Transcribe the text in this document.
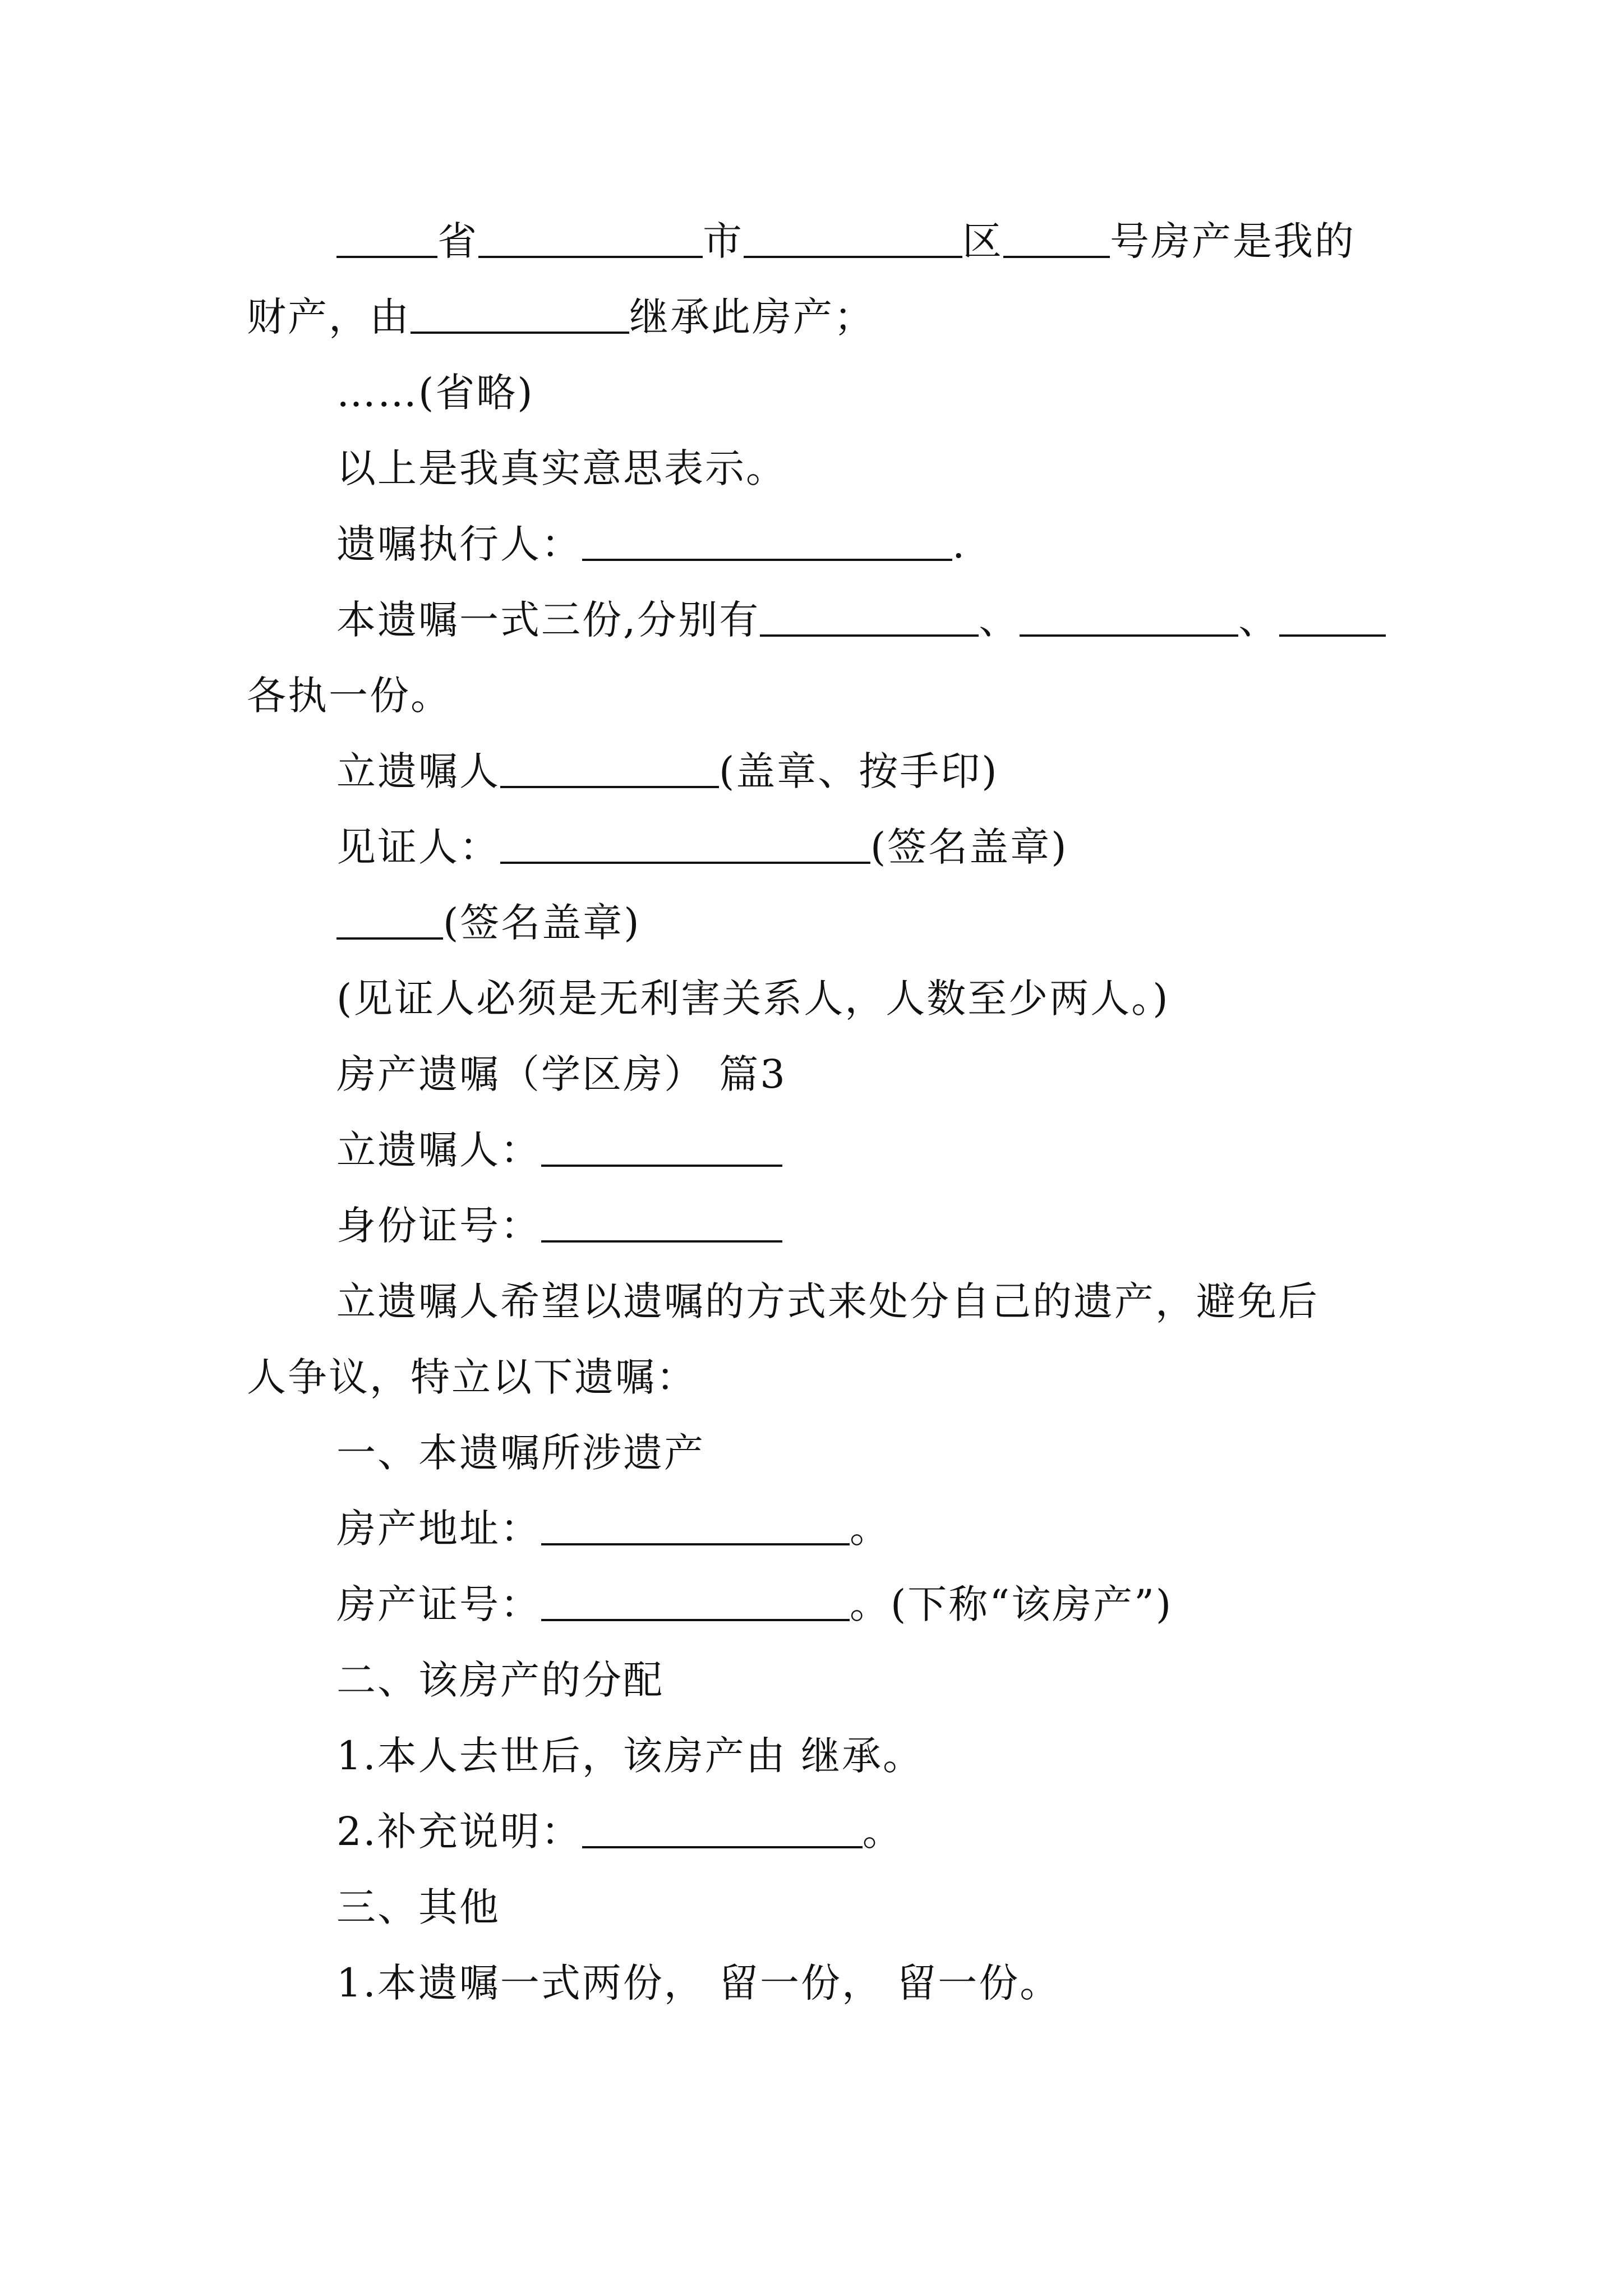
省	市	区	号房产是我的
财产，由	继承此房产；
……(省略)
以上是我真实意思表示。
遗嘱执行人：	.
本遗嘱一式三份,分别有	、	、
各执一份。
立遗嘱人	(盖章、按手印)
见证人：	(签名盖章)
(签名盖章)
(见证人必须是无利害关系人，人数至少两人。)
房产遗嘱（学区房） 篇3
立遗嘱人：
身份证号：
立遗嘱人希望以遗嘱的方式来处分自己的遗产，避免后
人争议，特立以下遗嘱：
一、本遗嘱所涉遗产
房产地址：	。
房产证号：	。(下称“该房产”)
二、该房产的分配
1.本人去世后，该房产由 继承。
2.补充说明：	。
三、其他
1.本遗嘱一式两份， 留一份， 留一份。
